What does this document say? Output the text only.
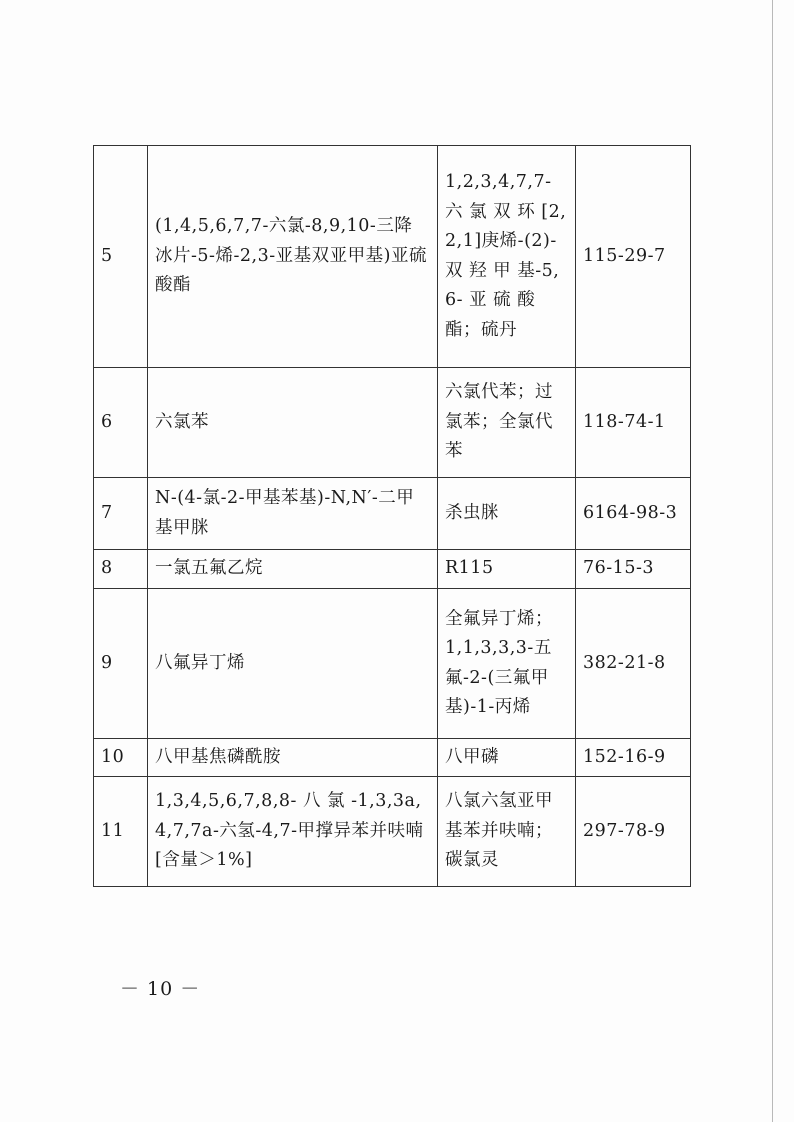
5	(1,4,5,6,7,7-六氯-8,9,10-三降冰片-5-烯-2,3-亚基双亚甲基)亚硫酸酯	1,2,3,4,7,7-六 氯 双 环 [2,2,1]庚烯-(2)- 双 羟 甲 基-5,6- 亚 硫 酸酯；硫丹	115-29-7
6	六氯苯	六氯代苯；过氯苯；全氯代苯	118-74-1
7	N-(4-氯-2-甲基苯基)-N,N′-二甲基甲脒	杀虫脒	6164-98-3
8	一氯五氟乙烷	R115	76-15-3
9	八氟异丁烯	全氟异丁烯；1,1,3,3,3-五氟-2-(三氟甲基)-1-丙烯	382-21-8
10	八甲基焦磷酰胺	八甲磷	152-16-9
11	1,3,4,5,6,7,8,8- 八 氯 -1,3,3a,4,7,7a-六氢-4,7-甲撑异苯并呋喃[含量＞1%]	八氯六氢亚甲基苯并呋喃；碳氯灵	297-78-9
－ 10 －
